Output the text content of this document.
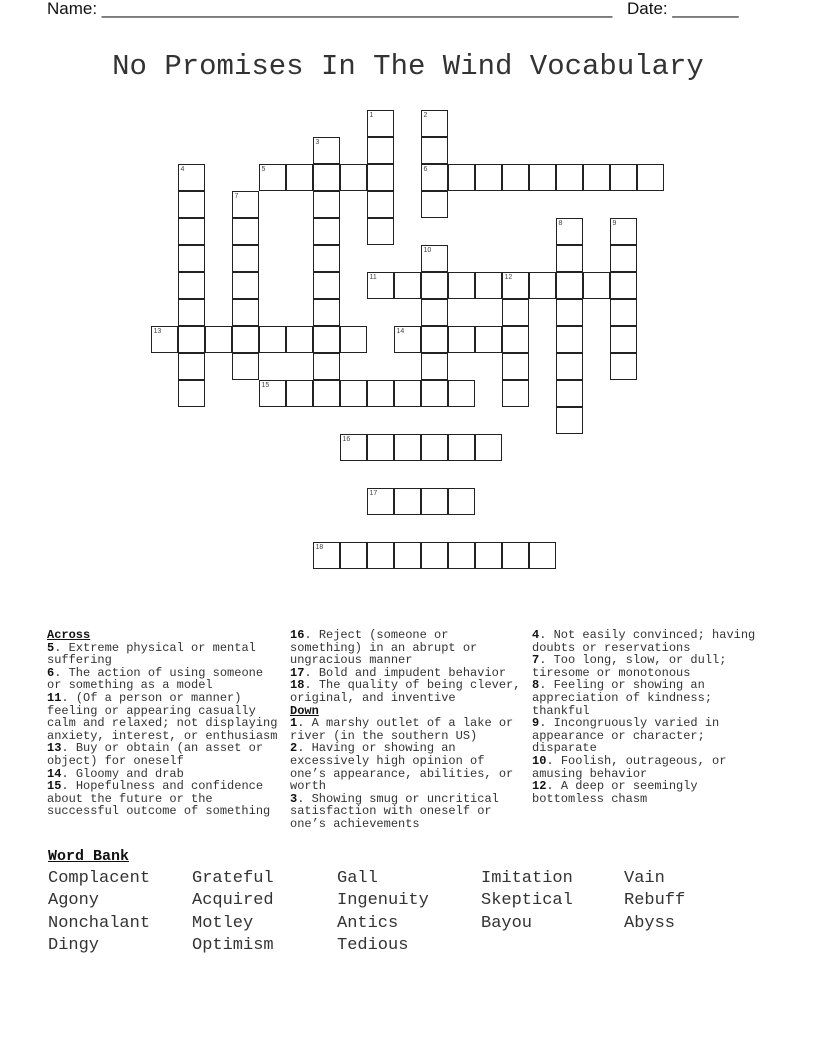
Name: ______________________________________________________ Date: _______
No Promises In The Wind Vocabulary
5	6
11	12
13	14
15
16
17
18
1	2
3
4
7
8	9
10
Across
5. Extreme physical or mental suffering
6. The action of using someone or something as a model
11. (Of a person or manner) feeling or appearing casually calm and relaxed; not displaying anxiety, interest, or enthusiasm
13. Buy or obtain (an asset or object) for oneself
14. Gloomy and drab
15. Hopefulness and confidence about the future or the successful outcome of something
16. Reject (someone or something) in an abrupt or ungracious manner
17. Bold and impudent behavior
18. The quality of being clever, original, and inventive
Down
1. A marshy outlet of a lake or river (in the southern US)
2. Having or showing an excessively high opinion of one’s appearance, abilities, or worth
3. Showing smug or uncritical satisfaction with oneself or one’s achievements
4. Not easily convinced; having doubts or reservations
7. Too long, slow, or dull; tiresome or monotonous
8. Feeling or showing an appreciation of kindness; thankful
9. Incongruously varied in appearance or character; disparate
10. Foolish, outrageous, or amusing behavior
12. A deep or seemingly bottomless chasm
Word Bank
Complacent Grateful	Gall	Imitation	Vain
Agony	Acquired	Ingenuity	Skeptical	Rebuff
Nonchalant Motley	Antics	Bayou	Abyss
Dingy	Optimism	Tedious
